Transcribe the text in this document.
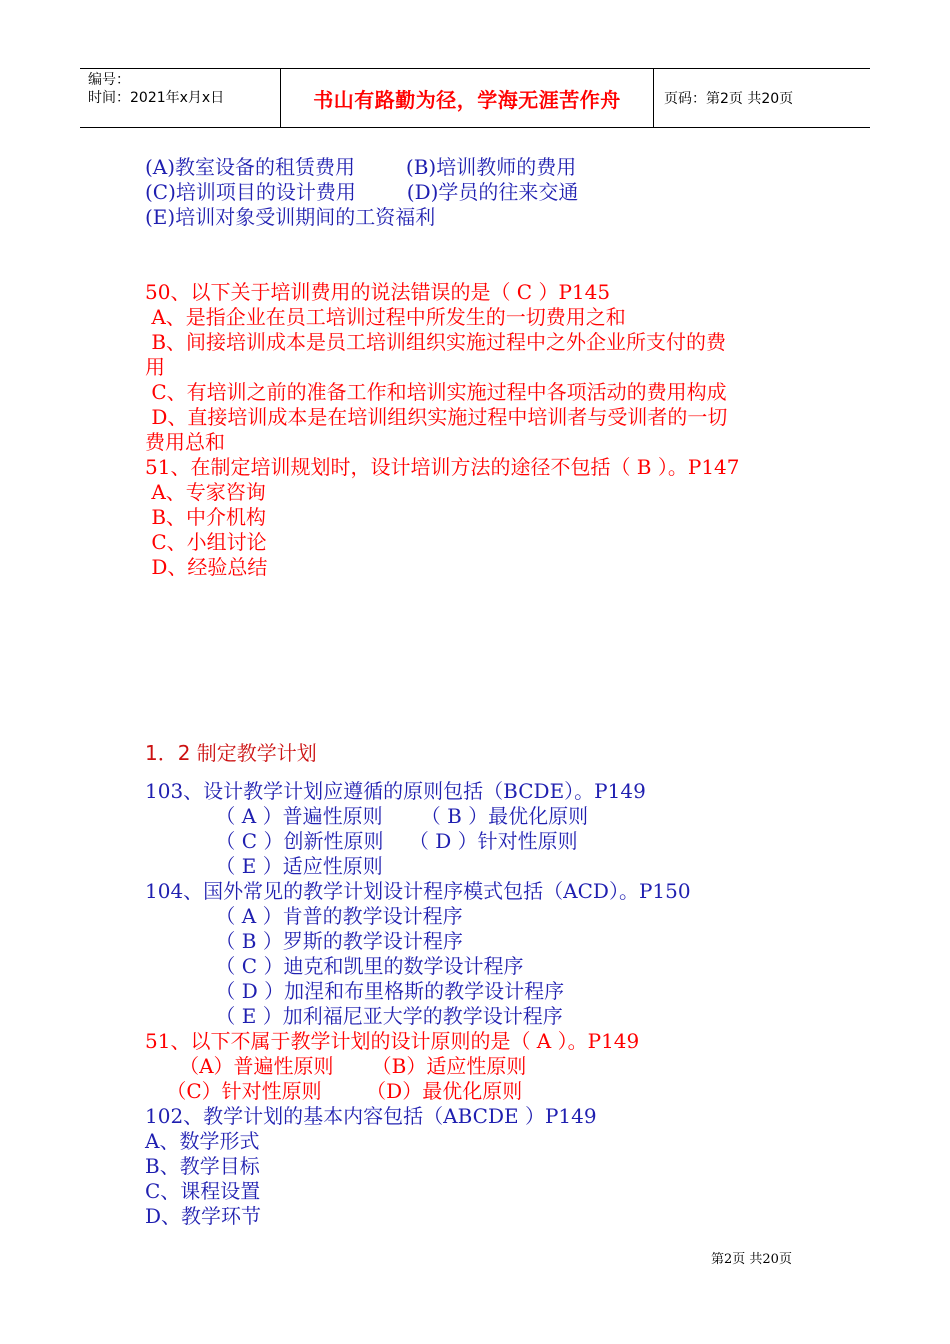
编号：
时间：2021年x月x日	书山有路勤为径，学海无涯苦作舟	页码：第2页 共20页
(A)教室设备的租赁费用        (B)培训教师的费用
(C)培训项目的设计费用        (D)学员的往来交通
(E)培训对象受训期间的工资福利
50、以下关于培训费用的说法错误的是（ C ）P145
A、是指企业在员工培训过程中所发生的一切费用之和
B、间接培训成本是员工培训组织实施过程中之外企业所支付的费
用
C、有培训之前的准备工作和培训实施过程中各项活动的费用构成
D、直接培训成本是在培训组织实施过程中培训者与受训者的一切
费用总和
51、在制定培训规划时，设计培训方法的途径不包括（ B ）。P147
A、专家咨询
B、中介机构
C、小组讨论
D、经验总结
1．2 制定教学计划
103、设计教学计划应遵循的原则包括（BCDE）。P149
（ A ）普遍性原则      （ B ）最优化原则
（ C ）创新性原则    （ D ）针对性原则
（ E ）适应性原则
104、国外常见的教学计划设计程序模式包括（ACD）。P150
（ A ）肯普的教学设计程序
（ B ）罗斯的教学设计程序
（ C ）迪克和凯里的数学设计程序
（ D ）加涅和布里格斯的教学设计程序
（ E ）加利福尼亚大学的教学设计程序
51、以下不属于教学计划的设计原则的是（ A ）。P149
（A）普遍性原则      （B）适应性原则
（C）针对性原则       （D）最优化原则
102、教学计划的基本内容包括（ABCDE ）P149
A、数学形式
B、教学目标
C、课程设置
D、教学环节
第2页 共20页
